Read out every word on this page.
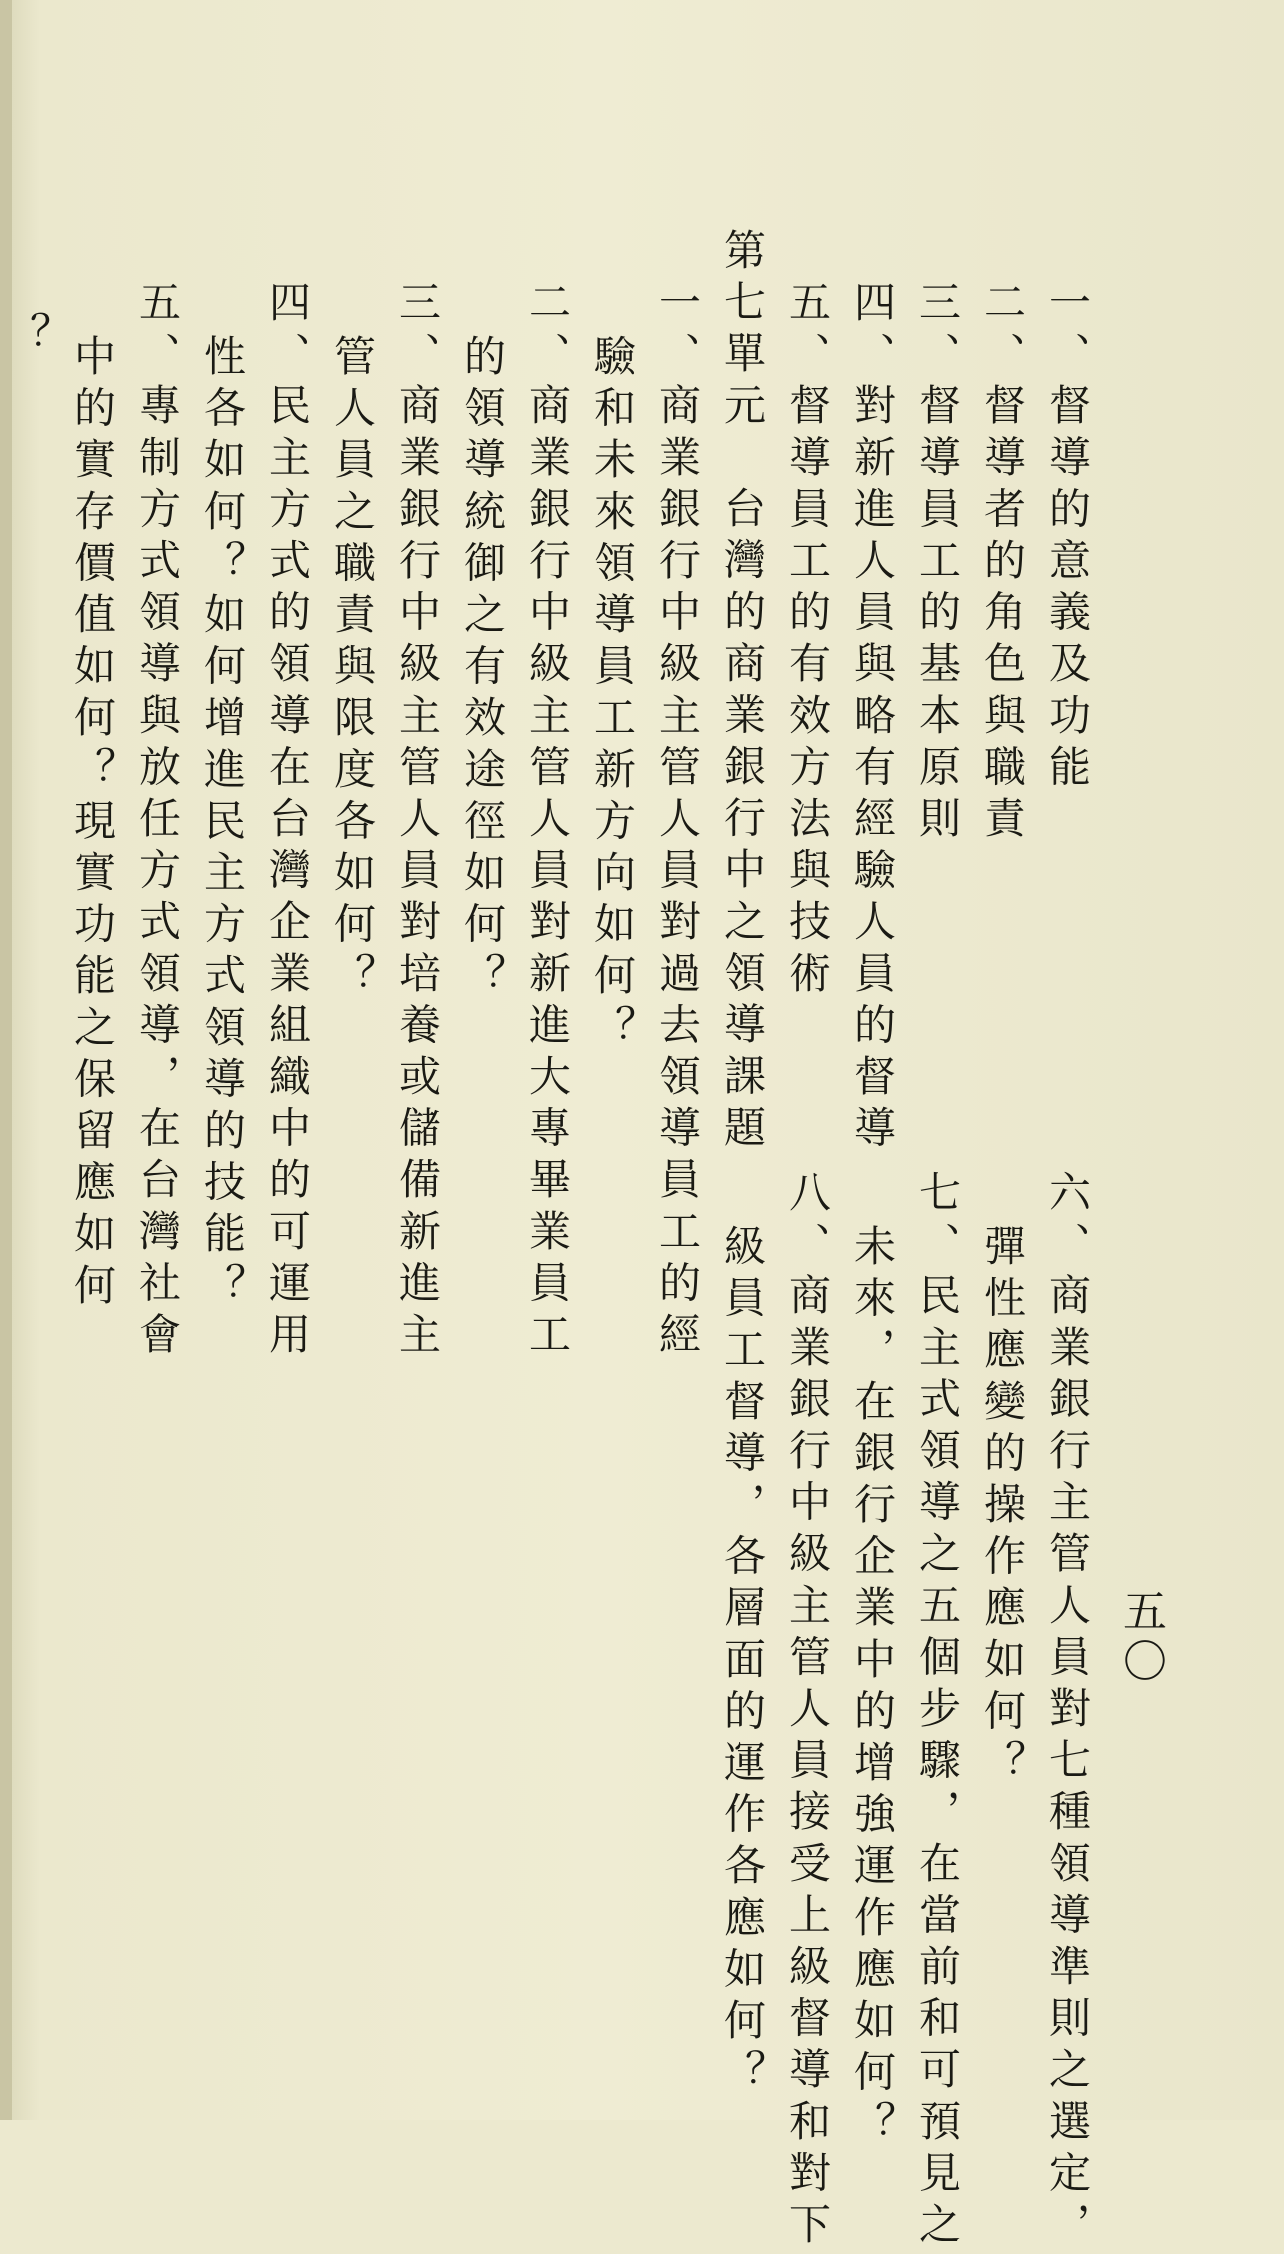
一、督導的意義及功能
二、督導者的角色與職責
三、督導員工的基本原則
四、對新進人員與略有經驗人員的督導
五、督導員工的有效方法與技術
第七單元　台灣的商業銀行中之領導課題
一、商業銀行中級主管人員對過去領導員工的經
驗和未來領導員工新方向如何？
二、商業銀行中級主管人員對新進大專畢業員工
的領導統御之有效途徑如何？
三、商業銀行中級主管人員對培養或儲備新進主
管人員之職責與限度各如何？
四、民主方式的領導在台灣企業組織中的可運用
性各如何？如何增進民主方式領導的技能？
五、專制方式領導與放任方式領導，在台灣社會
中的實存價值如何？現實功能之保留應如何
？
五〇
六、商業銀行主管人員對七種領導準則之選定，
彈性應變的操作應如何？
七、民主式領導之五個步驟，在當前和可預見之
未來，在銀行企業中的增強運作應如何？
八、商業銀行中級主管人員接受上級督導和對下
級員工督導，各層面的運作各應如何？
